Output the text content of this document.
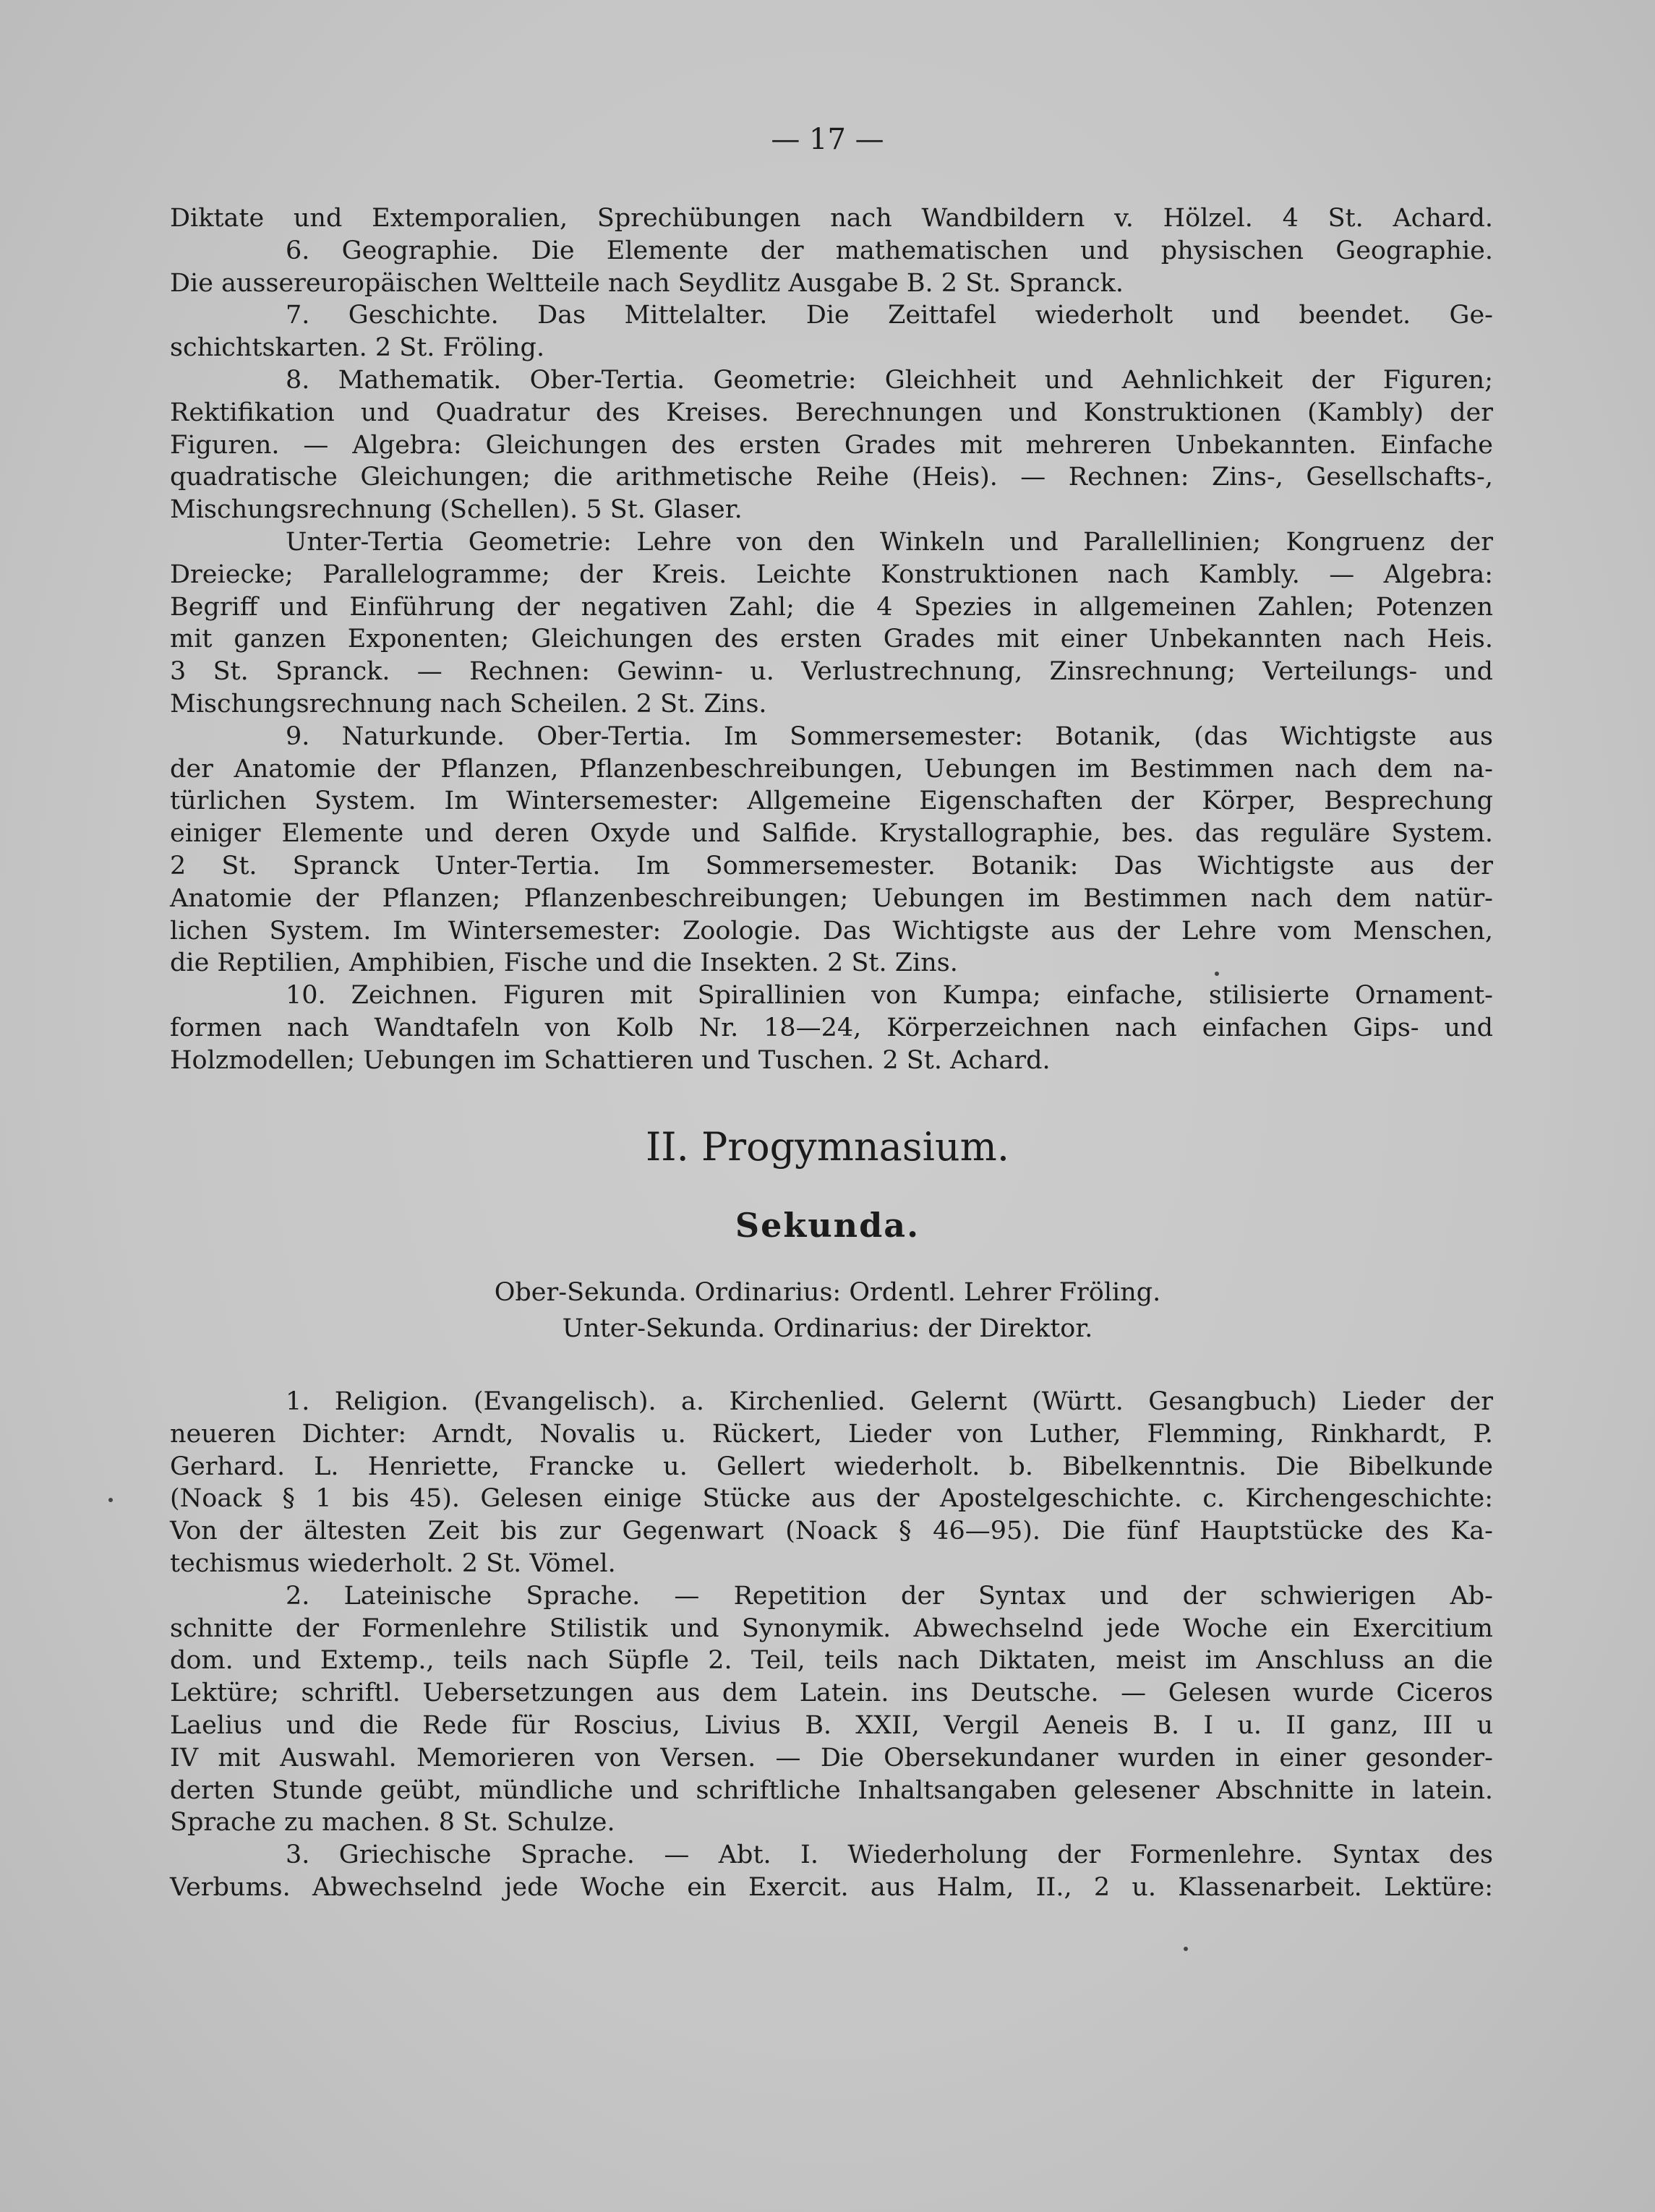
— 17 —
Diktate und Extemporalien, Sprechübungen nach Wandbildern v. Hölzel. 4 St. Achard.
6. Geographie. Die Elemente der mathematischen und physischen Geographie.
Die aussereuropäischen Weltteile nach Seydlitz Ausgabe B. 2 St. Spranck.
7. Geschichte. Das Mittelalter. Die Zeittafel wiederholt und beendet. Ge-
schichtskarten. 2 St. Fröling.
8. Mathematik. Ober-Tertia. Geometrie: Gleichheit und Aehnlichkeit der Figuren;
Rektifikation und Quadratur des Kreises. Berechnungen und Konstruktionen (Kambly) der
Figuren. — Algebra: Gleichungen des ersten Grades mit mehreren Unbekannten. Einfache
quadratische Gleichungen; die arithmetische Reihe (Heis). — Rechnen: Zins-, Gesellschafts-,
Mischungsrechnung (Schellen). 5 St. Glaser.
Unter-Tertia Geometrie: Lehre von den Winkeln und Parallellinien; Kongruenz der
Dreiecke; Parallelogramme; der Kreis. Leichte Konstruktionen nach Kambly. — Algebra:
Begriff und Einführung der negativen Zahl; die 4 Spezies in allgemeinen Zahlen; Potenzen
mit ganzen Exponenten; Gleichungen des ersten Grades mit einer Unbekannten nach Heis.
3 St. Spranck. — Rechnen: Gewinn- u. Verlustrechnung, Zinsrechnung; Verteilungs- und
Mischungsrechnung nach Scheilen. 2 St. Zins.
9. Naturkunde. Ober-Tertia. Im Sommersemester: Botanik, (das Wichtigste aus
der Anatomie der Pflanzen, Pflanzenbeschreibungen, Uebungen im Bestimmen nach dem na-
türlichen System. Im Wintersemester: Allgemeine Eigenschaften der Körper, Besprechung
einiger Elemente und deren Oxyde und Salfide. Krystallographie, bes. das reguläre System.
2 St. Spranck Unter-Tertia. Im Sommersemester. Botanik: Das Wichtigste aus der
Anatomie der Pflanzen; Pflanzenbeschreibungen; Uebungen im Bestimmen nach dem natür-
lichen System. Im Wintersemester: Zoologie. Das Wichtigste aus der Lehre vom Menschen,
die Reptilien, Amphibien, Fische und die Insekten. 2 St. Zins.
10. Zeichnen. Figuren mit Spirallinien von Kumpa; einfache, stilisierte Ornament-
formen nach Wandtafeln von Kolb Nr. 18—24, Körperzeichnen nach einfachen Gips- und
Holzmodellen; Uebungen im Schattieren und Tuschen. 2 St. Achard.
II. Progymnasium.
Sekunda.
Ober-Sekunda. Ordinarius: Ordentl. Lehrer Fröling.
Unter-Sekunda. Ordinarius: der Direktor.
1. Religion. (Evangelisch). a. Kirchenlied. Gelernt (Württ. Gesangbuch) Lieder der
neueren Dichter: Arndt, Novalis u. Rückert, Lieder von Luther, Flemming, Rinkhardt, P.
Gerhard. L. Henriette, Francke u. Gellert wiederholt. b. Bibelkenntnis. Die Bibelkunde
(Noack § 1 bis 45). Gelesen einige Stücke aus der Apostelgeschichte. c. Kirchengeschichte:
Von der ältesten Zeit bis zur Gegenwart (Noack § 46—95). Die fünf Hauptstücke des Ka-
techismus wiederholt. 2 St. Vömel.
2. Lateinische Sprache. — Repetition der Syntax und der schwierigen Ab-
schnitte der Formenlehre Stilistik und Synonymik. Abwechselnd jede Woche ein Exercitium
dom. und Extemp., teils nach Süpfle 2. Teil, teils nach Diktaten, meist im Anschluss an die
Lektüre; schriftl. Uebersetzungen aus dem Latein. ins Deutsche. — Gelesen wurde Ciceros
Laelius und die Rede für Roscius, Livius B. XXII, Vergil Aeneis B. I u. II ganz, III u
IV mit Auswahl. Memorieren von Versen. — Die Obersekundaner wurden in einer gesonder-
derten Stunde geübt, mündliche und schriftliche Inhaltsangaben gelesener Abschnitte in latein.
Sprache zu machen. 8 St. Schulze.
3. Griechische Sprache. — Abt. I. Wiederholung der Formenlehre. Syntax des
Verbums. Abwechselnd jede Woche ein Exercit. aus Halm, II., 2 u. Klassenarbeit. Lektüre:
